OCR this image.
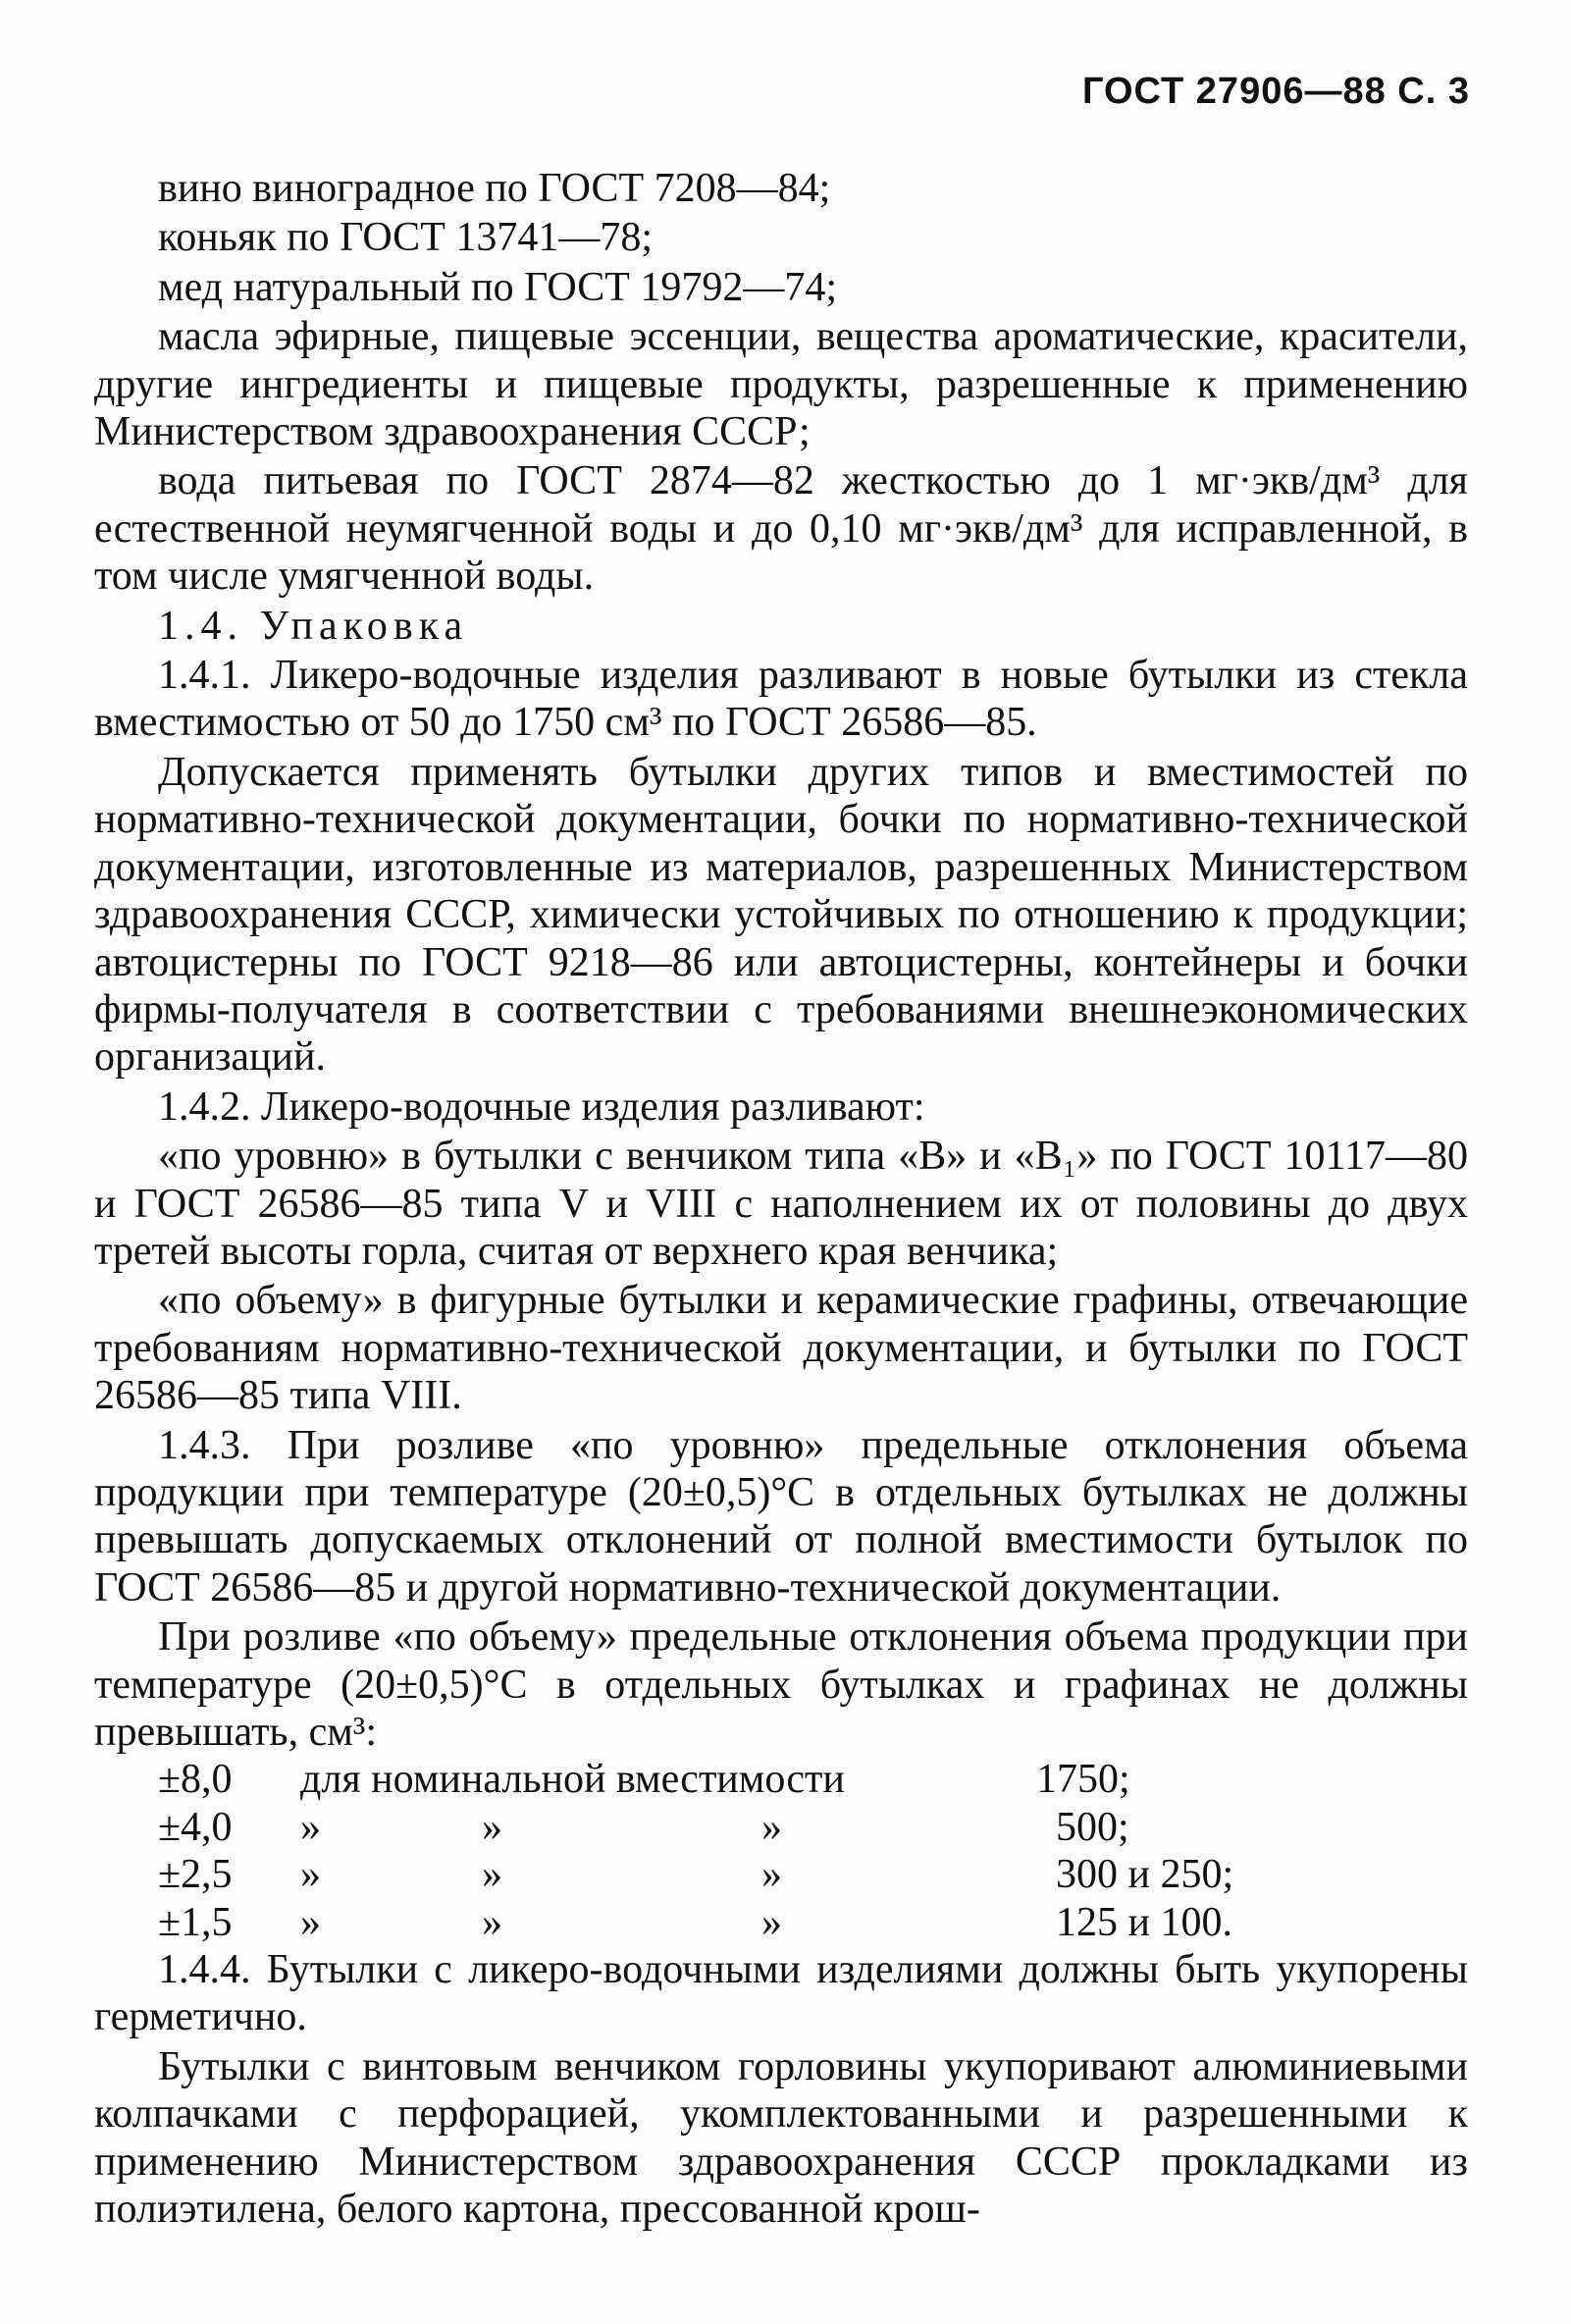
ГОСТ 27906—88 С. 3

вино виноградное по ГОСТ 7208—84;

коньяк по ГОСТ 13741—78;

мед натуральный по ГОСТ 19792—74;

масла эфирные, пищевые эссенции, вещества ароматические, красители, другие ингредиенты и пищевые продукты, разрешенные к применению Министерством здравоохранения СССР;

вода питьевая по ГОСТ 2874—82 жесткостью до 1 мг·экв/дм³ для естественной неумягченной воды и до 0,10 мг·экв/дм³ для исправленной, в том числе умягченной воды.

1.4. Упаковка

1.4.1. Ликеро-водочные изделия разливают в новые бутылки из стекла вместимостью от 50 до 1750 см³ по ГОСТ 26586—85.

Допускается применять бутылки других типов и вместимостей по нормативно-технической документации, бочки по нормативно-технической документации, изготовленные из материалов, разрешенных Министерством здравоохранения СССР, химически устойчивых по отношению к продукции; автоцистерны по ГОСТ 9218—86 или автоцистерны, контейнеры и бочки фирмы-получателя в соответствии с требованиями внешнеэкономических организаций.

1.4.2. Ликеро-водочные изделия разливают:

«по уровню» в бутылки с венчиком типа «В» и «В₁» по ГОСТ 10117—80 и ГОСТ 26586—85 типа V и VIII с наполнением их от половины до двух третей высоты горла, считая от верхнего края венчика;

«по объему» в фигурные бутылки и керамические графины, отвечающие требованиям нормативно-технической документации, и бутылки по ГОСТ 26586—85 типа VIII.

1.4.3. При розливе «по уровню» предельные отклонения объема продукции при температуре (20±0,5)°С в отдельных бутылках не должны превышать допускаемых отклонений от полной вместимости бутылок по ГОСТ 26586—85 и другой нормативно-технической документации.

При розливе «по объему» предельные отклонения объема продукции при температуре (20±0,5)°С в отдельных бутылках и графинах не должны превышать, см³:

±8,0	для номинальной вместимости	1750;
±4,0	»	»	»	500;
±2,5	»	»	»	300 и 250;
±1,5	»	»	»	125 и 100.

1.4.4. Бутылки с ликеро-водочными изделиями должны быть укупорены герметично.

Бутылки с винтовым венчиком горловины укупоривают алюминиевыми колпачками с перфорацией, укомплектованными и разрешенными к применению Министерством здравоохранения СССР прокладками из полиэтилена, белого картона, прессованной крош-
